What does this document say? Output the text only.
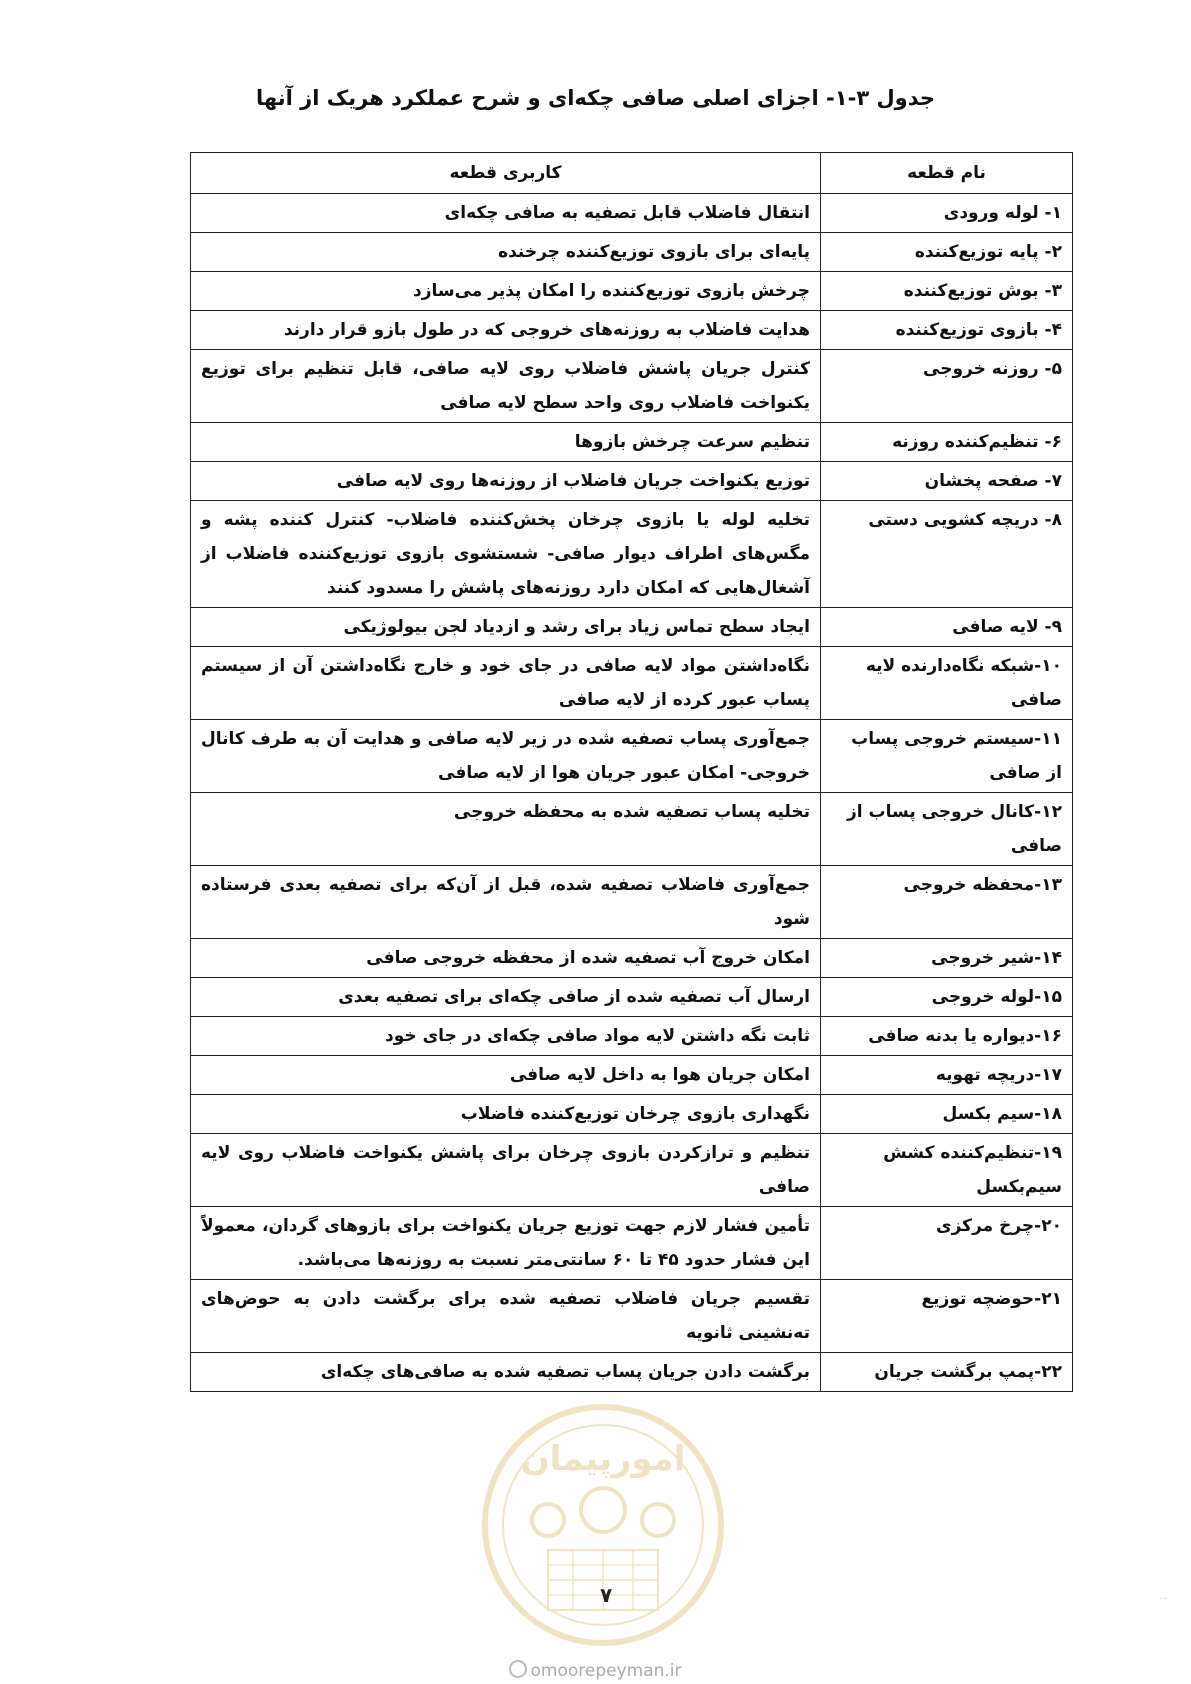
جدول ۳-۱- اجزای اصلی صافی چکه‌ای و شرح عملکرد هریک از آنها
نام قطعه	کاربری قطعه
۱- لوله ورودی	انتقال فاضلاب قابل تصفیه به صافی چکه‌ای
۲- پایه توزیع‌کننده	پایه‌ای برای بازوی توزیع‌کننده چرخنده
۳- بوش توزیع‌کننده	چرخش بازوی توزیع‌کننده را امکان پذیر می‌سازد
۴- بازوی توزیع‌کننده	هدایت فاضلاب به روزنه‌های خروجی که در طول بازو قرار دارند
۵- روزنه خروجی	کنترل جریان پاشش فاضلاب روی لایه صافی، قابل تنظیم برای توزیع یکنواخت فاضلاب روی واحد سطح لایه صافی
۶- تنظیم‌کننده روزنه	تنظیم سرعت چرخش بازوها
۷- صفحه پخشان	توزیع یکنواخت جریان فاضلاب از روزنه‌ها روی لایه صافی
۸- دریچه کشویی دستی	تخلیه لوله یا بازوی چرخان پخش‌کننده فاضلاب- کنترل کننده پشه و مگس‌های اطراف دیوار صافی- شستشوی بازوی توزیع‌کننده فاضلاب از آشغال‌هایی که امکان دارد روزنه‌های پاشش را مسدود کنند
۹- لایه صافی	ایجاد سطح تماس زیاد برای رشد و ازدیاد لجن بیولوژیکی
۱۰-شبکه نگاه‌دارنده لایه صافی	نگاه‌داشتن مواد لایه صافی در جای خود و خارج نگاه‌داشتن آن از سیستم پساب عبور کرده از لایه صافی
۱۱-سیستم خروجی پساب از صافی	جمع‌آوری پساب تصفیه شده در زیر لایه صافی و هدایت آن به طرف کانال خروجی- امکان عبور جریان هوا از لایه صافی
۱۲-کانال خروجی پساب از صافی	تخلیه پساب تصفیه شده به محفظه خروجی
۱۳-محفظه خروجی	جمع‌آوری فاضلاب تصفیه شده، قبل از آن‌که برای تصفیه بعدی فرستاده شود
۱۴-شیر خروجی	امکان خروج آب تصفیه شده از محفظه خروجی صافی
۱۵-لوله خروجی	ارسال آب تصفیه شده از صافی چکه‌ای برای تصفیه بعدی
۱۶-دیواره یا بدنه صافی	ثابت نگه داشتن لایه مواد صافی چکه‌ای در جای خود
۱۷-دریچه تهویه	امکان جریان هوا به داخل لایه صافی
۱۸-سیم بکسل	نگهداری بازوی چرخان توزیع‌کننده فاضلاب
۱۹-تنظیم‌کننده کشش سیم‌بکسل	تنظیم و ترازکردن بازوی چرخان برای پاشش یکنواخت فاضلاب روی لایه صافی
۲۰-چرخ مرکزی	تأمین فشار لازم جهت توزیع جریان یکنواخت برای بازوهای گردان، معمولاً این فشار حدود ۴۵ تا ۶۰ سانتی‌متر نسبت به روزنه‌ها می‌باشد.
۲۱-حوضچه توزیع	تقسیم جریان فاضلاب تصفیه شده برای برگشت دادن به حوض‌های ته‌نشینی ثانویه
۲۲-پمپ برگشت جریان	برگشت دادن جریان پساب تصفیه شده به صافی‌های چکه‌ای
امورپیمان
۷
omoorepeyman.ir
··
